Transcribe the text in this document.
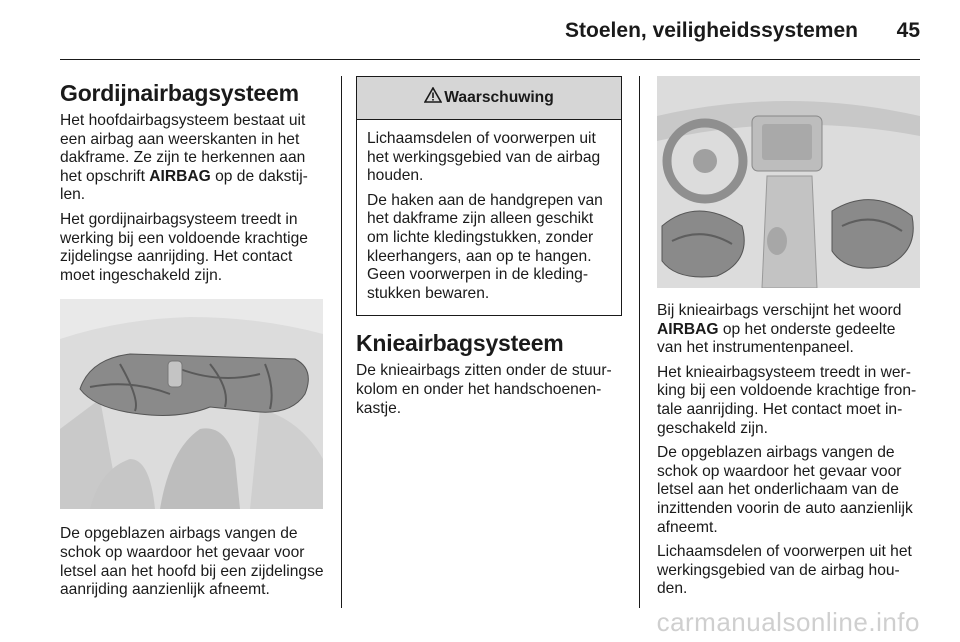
Stoelen, veiligheidssystemen 45
Gordijnairbagsysteem

Het hoofdairbagsysteem bestaat uit een airbag aan weerskanten in het dakframe. Ze zijn te herkennen aan het opschrift AIRBAG op de dakstij-len.

Het gordijnairbagsysteem treedt in werking bij een voldoende krachtige zijdelingse aanrijding. Het contact moet ingeschakeld zijn.

De opgeblazen airbags vangen de schok op waardoor het gevaar voor letsel aan het hoofd bij een zijdelingse aanrijding aanzienlijk afneemt.

Waarschuwing

Lichaamsdelen of voorwerpen uit het werkingsgebied van de airbag houden.

De haken aan de handgrepen van het dakframe zijn alleen geschikt om lichte kledingstukken, zonder kleerhangers, aan op te hangen. Geen voorwerpen in de kleding-stukken bewaren.

Knieairbagsysteem

De knieairbags zitten onder de stuur-kolom en onder het handschoenen-kastje.

Bij knieairbags verschijnt het woord AIRBAG op het onderste gedeelte van het instrumentenpaneel.

Het knieairbagsysteem treedt in wer-king bij een voldoende krachtige fron-tale aanrijding. Het contact moet in-geschakeld zijn.

De opgeblazen airbags vangen de schok op waardoor het gevaar voor letsel aan het onderlichaam van de inzittenden voorin de auto aanzienlijk afneemt.

Lichaamsdelen of voorwerpen uit het werkingsgebied van de airbag hou-den.

carmanualsonline.info
